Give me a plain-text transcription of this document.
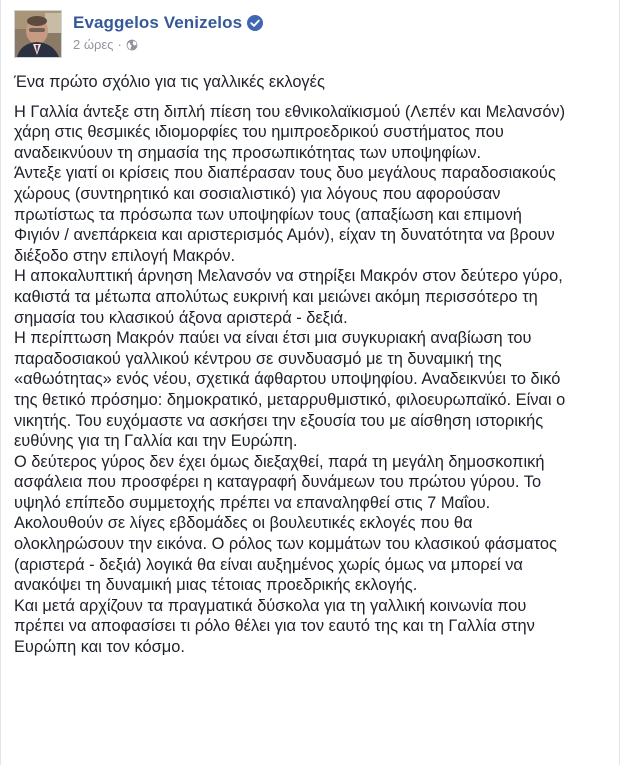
Evaggelos Venizelos
2 ώρες ·

Ένα πρώτο σχόλιο για τις γαλλικές εκλογές

Η Γαλλία άντεξε στη διπλή πίεση του εθνικολαϊκισμού (Λεπέν και Μελανσόν)

χάρη στις θεσμικές ιδιομορφίες του ημιπροεδρικού συστήματος που

αναδεικνύουν τη σημασία της προσωπικότητας των υποψηφίων.

Άντεξε γιατί οι κρίσεις που διαπέρασαν τους δυο μεγάλους παραδοσιακούς

χώρους (συντηρητικό και σοσιαλιστικό) για λόγους που αφορούσαν

πρωτίστως τα πρόσωπα των υποψηφίων τους (απαξίωση και επιμονή

Φιγιόν / ανεπάρκεια και αριστερισμός Αμόν), είχαν τη δυνατότητα να βρουν

διέξοδο στην επιλογή Μακρόν.

Η αποκαλυπτική άρνηση Μελανσόν να στηρίξει Μακρόν στον δεύτερο γύρο,

καθιστά τα μέτωπα απολύτως ευκρινή και μειώνει ακόμη περισσότερο τη

σημασία του κλασικού άξονα αριστερά - δεξιά.

Η περίπτωση Μακρόν παύει να είναι έτσι μια συγκυριακή αναβίωση του

παραδοσιακού γαλλικού κέντρου σε συνδυασμό με τη δυναμική της

«αθωότητας» ενός νέου, σχετικά άφθαρτου υποψηφίου. Αναδεικνύει το δικό

της θετικό πρόσημο: δημοκρατικό, μεταρρυθμιστικό, φιλοευρωπαϊκό. Είναι ο

νικητής. Του ευχόμαστε να ασκήσει την εξουσία του με αίσθηση ιστορικής

ευθύνης για τη Γαλλία και την Ευρώπη.

Ο δεύτερος γύρος δεν έχει όμως διεξαχθεί, παρά τη μεγάλη δημοσκοπική

ασφάλεια που προσφέρει η καταγραφή δυνάμεων του πρώτου γύρου. Το

υψηλό επίπεδο συμμετοχής πρέπει να επαναληφθεί στις 7 Μαΐου.

Ακολουθούν σε λίγες εβδομάδες οι βουλευτικές εκλογές που θα

ολοκληρώσουν την εικόνα. Ο ρόλος των κομμάτων του κλασικού φάσματος

(αριστερά - δεξιά) λογικά θα είναι αυξημένος χωρίς όμως να μπορεί να

ανακόψει τη δυναμική μιας τέτοιας προεδρικής εκλογής.

Και μετά αρχίζουν τα πραγματικά δύσκολα για τη γαλλική κοινωνία που

πρέπει να αποφασίσει τι ρόλο θέλει για τον εαυτό της και τη Γαλλία στην

Ευρώπη και τον κόσμο.
